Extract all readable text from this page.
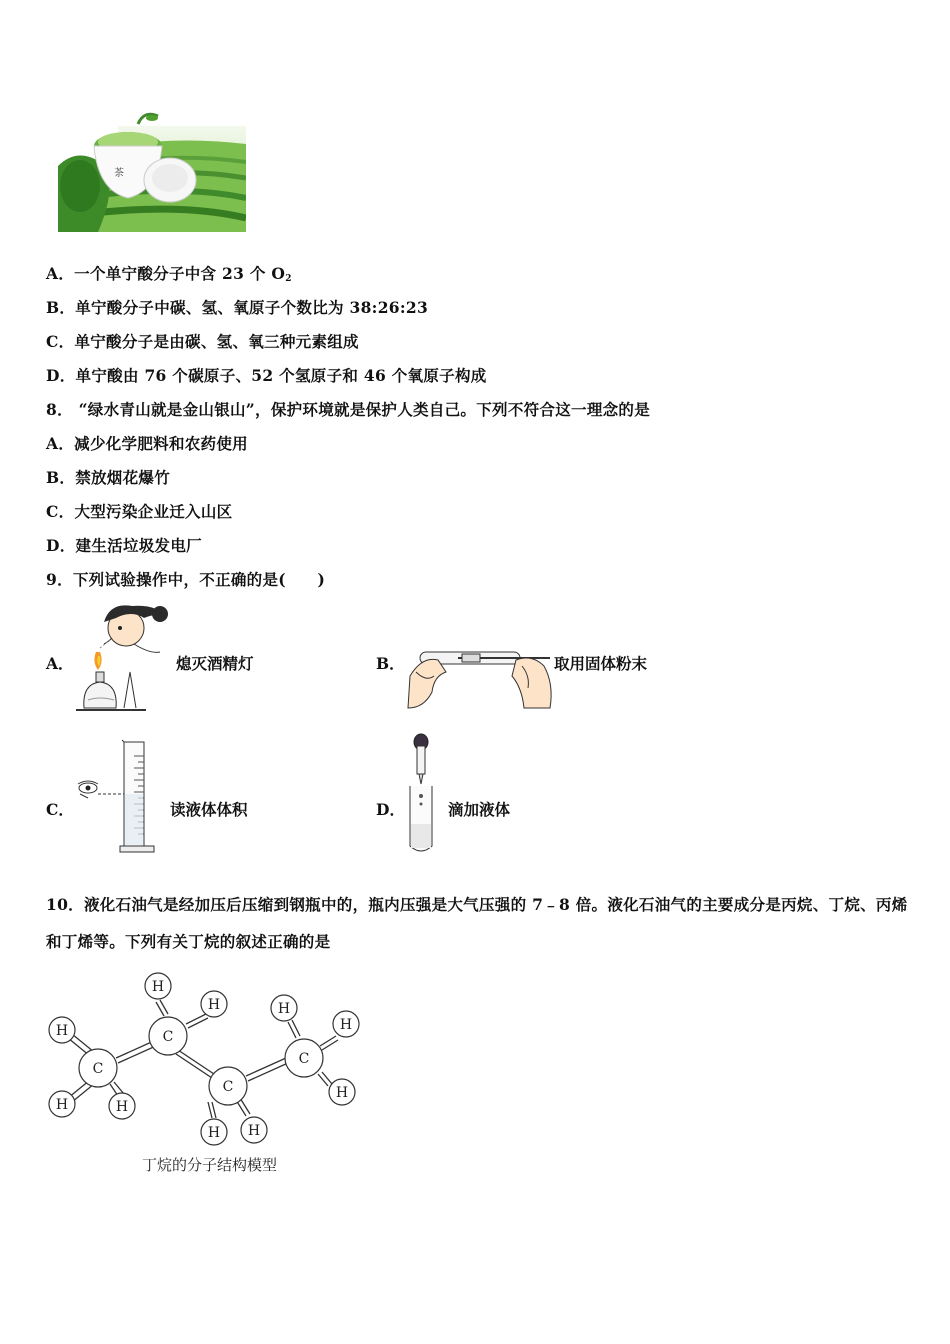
茶
A．一个单宁酸分子中含 23 个 $O_2$
B．单宁酸分子中碳、氢、氧原子个数比为 38:26:23
C．单宁酸分子是由碳、氢、氧三种元素组成
D．单宁酸由 76 个碳原子、52 个氢原子和 46 个氧原子构成
8． “绿水青山就是金山银山”，保护环境就是保护人类自己。下列不符合这一理念的是
A．减少化学肥料和农药使用
B．禁放烟花爆竹
C．大型污染企业迁入山区
D．建生活垃圾发电厂
9．下列试验操作中，不正确的是(　　)
A．	熄灭酒精灯	B．	取用固体粉末
C．	读液体体积	D．	滴加液体
10．液化石油气是经加压后压缩到钢瓶中的，瓶内压强是大气压强的 7﹣8 倍。液化石油气的主要成分是丙烷、丁烷、丙烯和丁烯等。下列有关丁烷的叙述正确的是
H
H	H
C
H
H
C
C
H H
H
C
H
H
丁烷的分子结构模型
